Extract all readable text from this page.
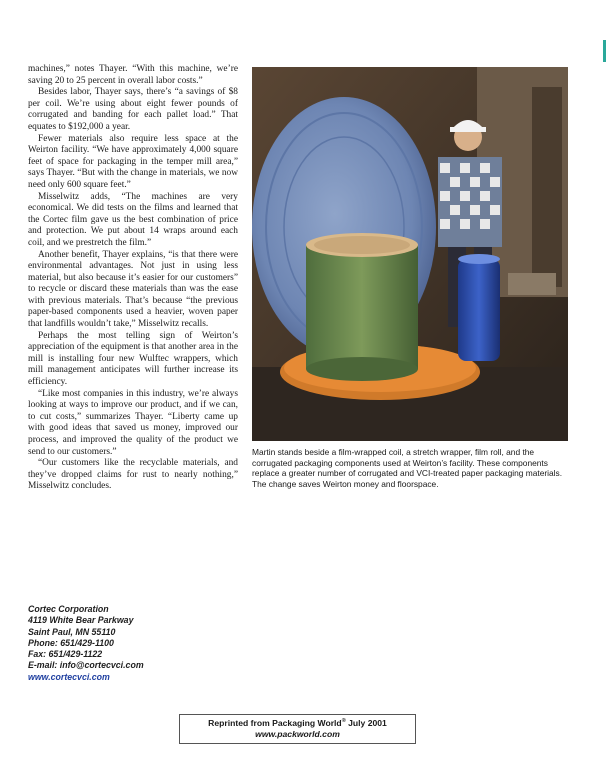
machines,” notes Thayer. “With this machine, we’re saving 20 to 25 percent in overall labor costs.”

Besides labor, Thayer says, there’s “a savings of $8 per coil. We’re using about eight fewer pounds of corrugated and banding for each pallet load.” That equates to $192,000 a year.

Fewer materials also require less space at the Weirton facility. “We have approximately 4,000 square feet of space for packaging in the temper mill area,” says Thayer. “But with the change in materials, we now need only 600 square feet.”

Misselwitz adds, “The machines are very economical. We did tests on the films and learned that the Cortec film gave us the best combination of price and protection. We put about 14 wraps around each coil, and we prestretch the film.”

Another benefit, Thayer explains, “is that there were environmental advantages. Not just in using less material, but also because it’s easier for our customers” to recycle or discard these materials than was the ease with previous materials. That’s because “the previous paper-based components used a heavier, woven paper that landfills wouldn’t take,” Misselwitz recalls.

Perhaps the most telling sign of Weirton’s appreciation of the equipment is that another area in the mill is installing four new Wulftec wrappers, which mill management anticipates will further increase its efficiency.

“Like most companies in this industry, we’re always looking at ways to improve our product, and if we can, to cut costs,” summarizes Thayer. “Liberty came up with good ideas that saved us money, improved our process, and improved the quality of the product we send to our customers.”

“Our customers like the recyclable materials, and they’ve dropped claims for rust to nearly nothing,” Misselwitz concludes.

Cortec Corporation
4119 White Bear Parkway
Saint Paul, MN 55110
Phone: 651/429-1100
Fax: 651/429-1122
E-mail: info@cortecvci.com
www.cortecvci.com
Martin stands beside a film-wrapped coil, a stretch wrapper, film roll, and the corrugated packaging components used at Weirton’s facility. These components replace a greater number of corrugated and VCI-treated paper packaging materials. The change saves Weirton money and floorspace.
Reprinted from Packaging World® July 2001
www.packworld.com
